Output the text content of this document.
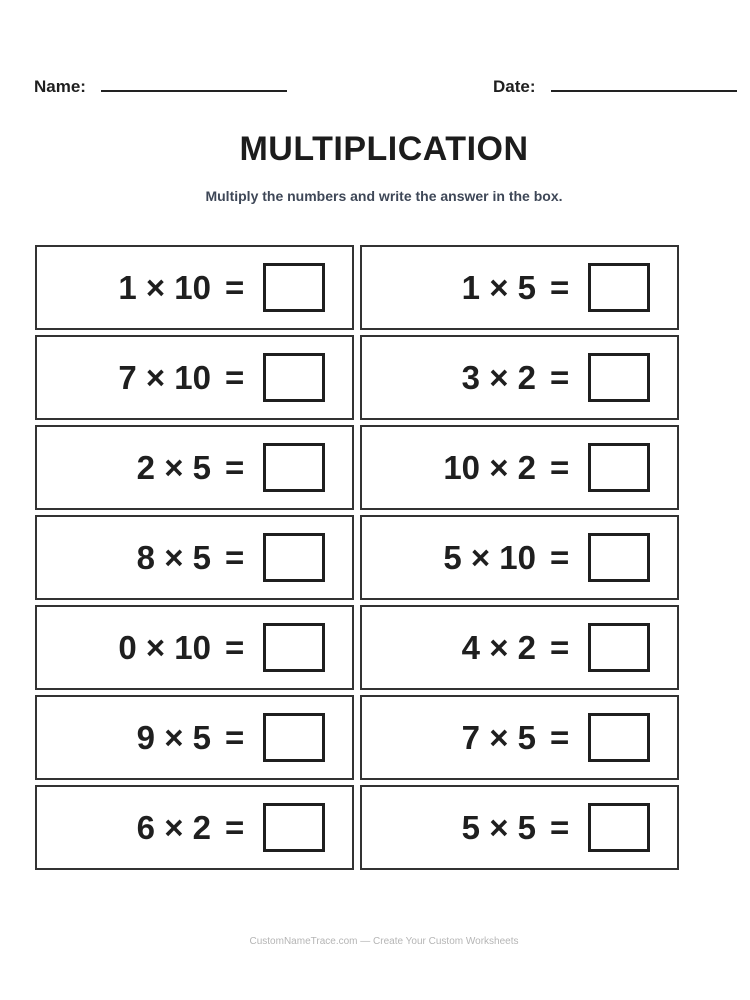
Name:	Date:
MULTIPLICATION
Multiply the numbers and write the answer in the box.
1 × 10 =
7 × 10 =
2 × 5 =
8 × 5 =
0 × 10 =
9 × 5 =
6 × 2 =
1 × 5 =
3 × 2 =
10 × 2 =
5 × 10 =
4 × 2 =
7 × 5 =
5 × 5 =
CustomNameTrace.com — Create Your Custom Worksheets
